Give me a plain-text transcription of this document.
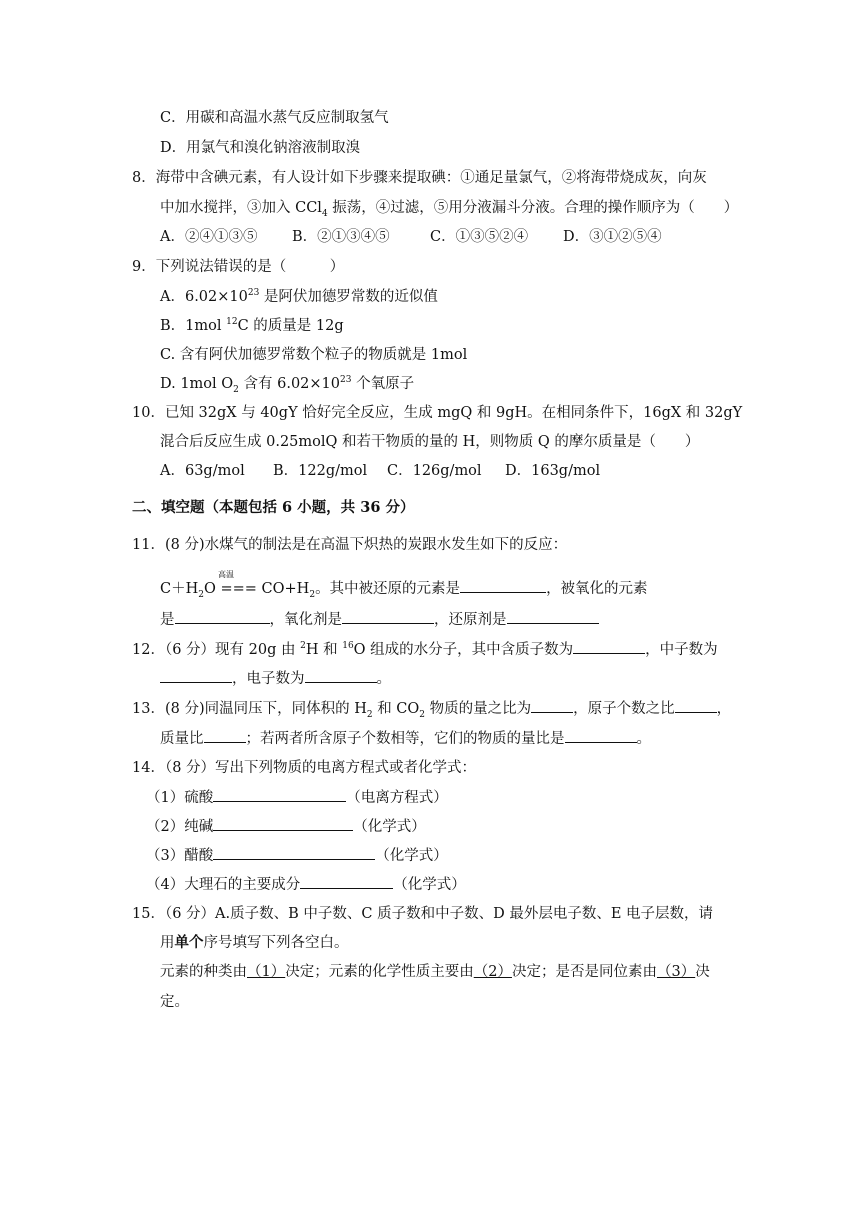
C．用碳和高温水蒸气反应制取氢气
D．用氯气和溴化钠溶液制取溴
8．海带中含碘元素，有人设计如下步骤来提取碘：①通足量氯气，②将海带烧成灰，向灰
中加水搅拌，③加入 CCl$_4$ 振荡，④过滤，⑤用分液漏斗分液。合理的操作顺序为（　　）
A．②④①③⑤ B．②①③④⑤	C．①③⑤②④ D．③①②⑤④
9．下列说法错误的是（　　　）
A．$6.02\times 10^{23}$ 是阿伏加德罗常数的近似值
B．1mol $^{12}$C 的质量是 12g
C. 含有阿伏加德罗常数个粒子的物质就是 1mol
D. 1mol $O_2$ 含有 $6.02\times 10^{23}$ 个氧原子
10．已知 32gX 与 40gY 恰好完全反应，生成 mgQ 和 9gH。在相同条件下，16gX 和 32gY
混合后反应生成 0.25molQ 和若干物质的量的 H，则物质 Q 的摩尔质量是（　　）
A．63g/mol B．122g/mol C．126g/mol D．163g/mol
二、填空题（本题包括 6 小题，共 36 分）
11．(8 分)水煤气的制法是在高温下炽热的炭跟水发生如下的反应：
高温
$C+H_2O$ === $CO+H_2$。其中被还原的元素是	，被氧化的元素
是	，氧化剂是	，还原剂是
12．（6 分）现有 20g 由 $^2$H 和 $^{16}$O 组成的水分子，其中含质子数为	，中子数为
，电子数为	。
13．(8 分)同温同压下，同体积的 $H_2$ 和 $CO_2$ 物质的量之比为	，原子个数之比	，
质量比	；若两者所含原子个数相等，它们的物质的量比是	。
14．（8 分）写出下列物质的电离方程式或者化学式：
（1）硫酸	（电离方程式）
（2）纯碱	（化学式）
（3）醋酸	（化学式）
（4）大理石的主要成分	（化学式）
15．（6 分）A.质子数、B 中子数、C 质子数和中子数、D 最外层电子数、E 电子层数，请
用单个序号填写下列各空白。
元素的种类由（1）决定；元素的化学性质主要由（2）决定；是否是同位素由（3）决
定。
